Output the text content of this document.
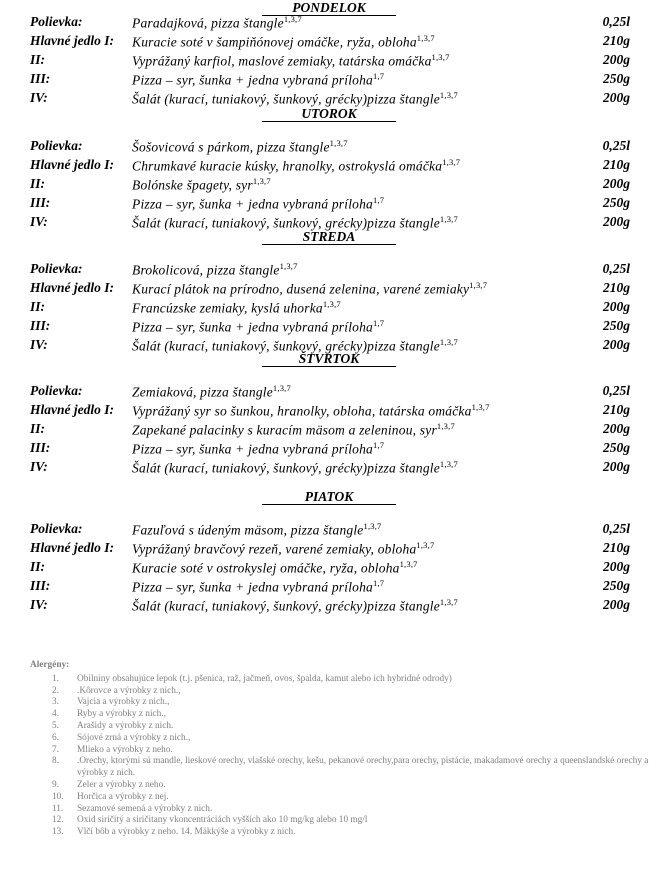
PONDELOK
Polievka:	Paradajková, pizza štangle$^{1,3,7}$	0,25l
Hlavné jedlo I: Kuracie soté v šampiňónovej omáčke, ryža, obloha$^{1,3,7}$	210g
II:	Vyprážaný karfiol, maslové zemiaky, tatárska omáčka$^{1,3,7}$	200g
III:	Pizza – syr, šunka + jedna vybraná príloha$^{1,7}$	250g
IV:	Šalát (kurací, tuniakový, šunkový, grécky)pizza štangle$^{1,3,7}$	200g
UTOROK
Polievka:	Šošovicová s párkom, pizza štangle$^{1,3,7}$	0,25l
Hlavné jedlo I: Chrumkavé kuracie kúsky, hranolky, ostrokyslá omáčka$^{1,3,7}$	210g
II:	Bolónske špagety, syr$^{1,3,7}$	200g
III:	Pizza – syr, šunka + jedna vybraná príloha$^{1,7}$	250g
IV:	Šalát (kurací, tuniakový, šunkový, grécky)pizza štangle$^{1,3,7}$	200g
STREDA
Polievka:	Brokolicová, pizza štangle$^{1,3,7}$	0,25l
Hlavné jedlo I: Kurací plátok na prírodno, dusená zelenina, varené zemiaky$^{1,3,7}$	210g
II:	Francúzske zemiaky, kyslá uhorka$^{1,3,7}$	200g
III:	Pizza – syr, šunka + jedna vybraná príloha$^{1,7}$	250g
IV:	Šalát (kurací, tuniakový, šunkový, grécky)pizza štangle$^{1,3,7}$	200g
ŠTVRTOK
Polievka:	Zemiaková, pizza štangle$^{1,3,7}$	0,25l
Hlavné jedlo I: Vyprážaný syr so šunkou, hranolky, obloha, tatárska omáčka$^{1,3,7}$	210g
II:	Zapekané palacinky s kuracím mäsom a zeleninou, syr$^{1,3,7}$	200g
III:	Pizza – syr, šunka + jedna vybraná príloha$^{1,7}$	250g
IV:	Šalát (kurací, tuniakový, šunkový, grécky)pizza štangle$^{1,3,7}$	200g
PIATOK
Polievka:	Fazuľová s údeným mäsom, pizza štangle$^{1,3,7}$	0,25l
Hlavné jedlo I: Vyprážaný bravčový rezeň, varené zemiaky, obloha$^{1,3,7}$	210g
II:	Kuracie soté v ostrokyslej omáčke, ryža, obloha$^{1,3,7}$	200g
III:	Pizza – syr, šunka + jedna vybraná príloha$^{1,7}$	250g
IV:	Šalát (kurací, tuniakový, šunkový, grécky)pizza štangle$^{1,3,7}$	200g
Alergény:
1. Obilniny obsahujúce lepok (t.j. pšenica, raž, jačmeň, ovos, špalda, kamut alebo ich hybridné odrody)
2. .Kôrovce a výrobky z nich.,
3. Vajcia a výrobky z nich.,
4. Ryby a výrobky z nich.,
5. Arašidy a výrobky z nich.
6. Sójové zrná a výrobky z nich.,
7. Mlieko a výrobky z neho.
8. .Orechy, ktorými sú mandle, lieskové orechy, vlašské orechy, kešu, pekanové orechy,para orechy, pistácie, makadamové orechy a queenslandské orechy a výrobky z nich.
9. Zeler a výrobky z neho.
10. Horčica a výrobky z nej.
11. Sezamové semená a výrobky z nich.
12. Oxid siričitý a siričitany vkoncentráciách vyšších ako 10 mg/kg alebo 10 mg/l
13. Vlčí bôb a výrobky z neho. 14. Mäkkýše a výrobky z nich.
